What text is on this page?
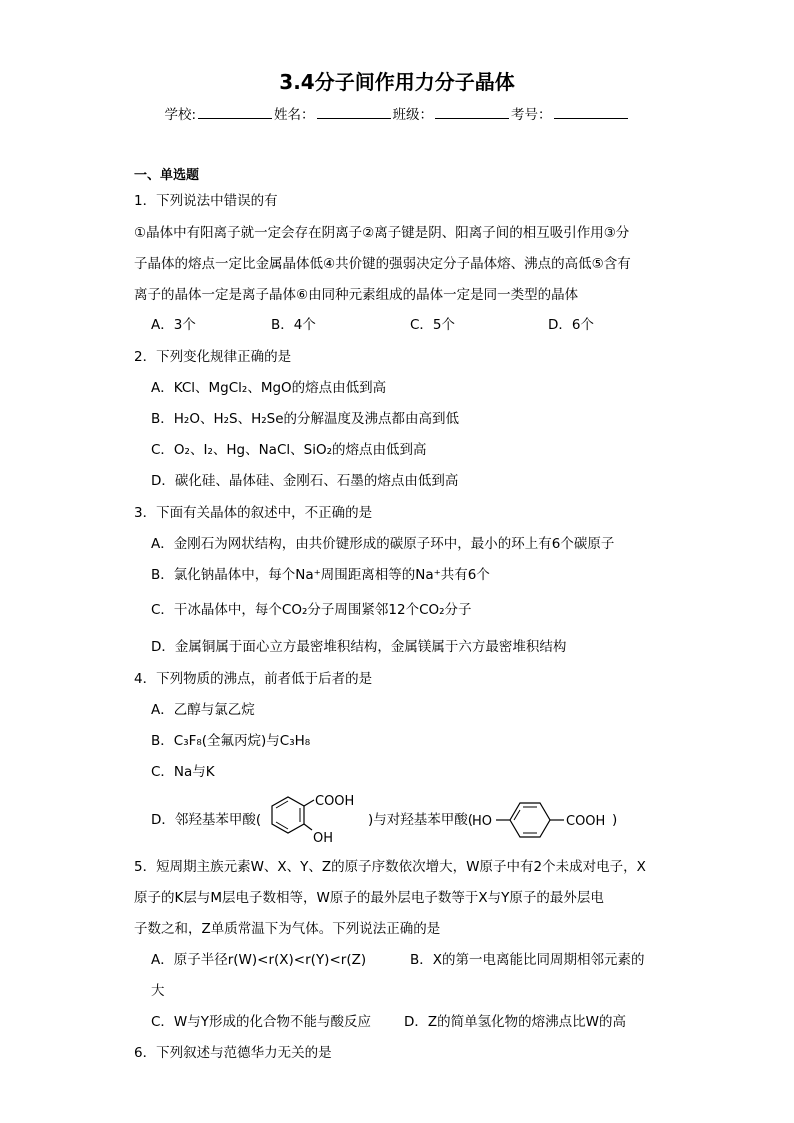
3.4分子间作用力分子晶体
学校:	姓名：	班级：	考号：
一、单选题
1．下列说法中错误的有
①晶体中有阳离子就一定会存在阴离子②离子键是阴、阳离子间的相互吸引作用③分
子晶体的熔点一定比金属晶体低④共价键的强弱决定分子晶体熔、沸点的高低⑤含有
离子的晶体一定是离子晶体⑥由同种元素组成的晶体一定是同一类型的晶体
A．3个	B．4个	C．5个	D．6个
2．下列变化规律正确的是
A．KCl、MgCl₂、MgO的熔点由低到高
B．H₂O、H₂S、H₂Se的分解温度及沸点都由高到低
C．O₂、I₂、Hg、NaCl、SiO₂的熔点由低到高
D．碳化硅、晶体硅、金刚石、石墨的熔点由低到高
3．下面有关晶体的叙述中，不正确的是
A．金刚石为网状结构，由共价键形成的碳原子环中，最小的环上有6个碳原子
B．氯化钠晶体中，每个Na⁺周围距离相等的Na⁺共有6个
C．干冰晶体中，每个CO₂分子周围紧邻12个CO₂分子
D．金属铜属于面心立方最密堆积结构，金属镁属于六方最密堆积结构
4．下列物质的沸点，前者低于后者的是
A．乙醇与氯乙烷
B．C₃F₈(全氟丙烷)与C₃H₈
C．Na与K
D．邻羟基苯甲酸(
COOH
OH
)与对羟基苯甲酸(
HO	COOH )
5．短周期主族元素W、X、Y、Z的原子序数依次增大，W原子中有2个未成对电子，X
原子的K层与M层电子数相等，W原子的最外层电子数等于X与Y原子的最外层电
子数之和，Z单质常温下为气体。下列说法正确的是
A．原子半径r(W)<r(X)<r(Y)<r(Z)	B．X的第一电离能比同周期相邻元素的
大
C．W与Y形成的化合物不能与酸反应 D．Z的简单氢化物的熔沸点比W的高
6．下列叙述与范德华力无关的是
